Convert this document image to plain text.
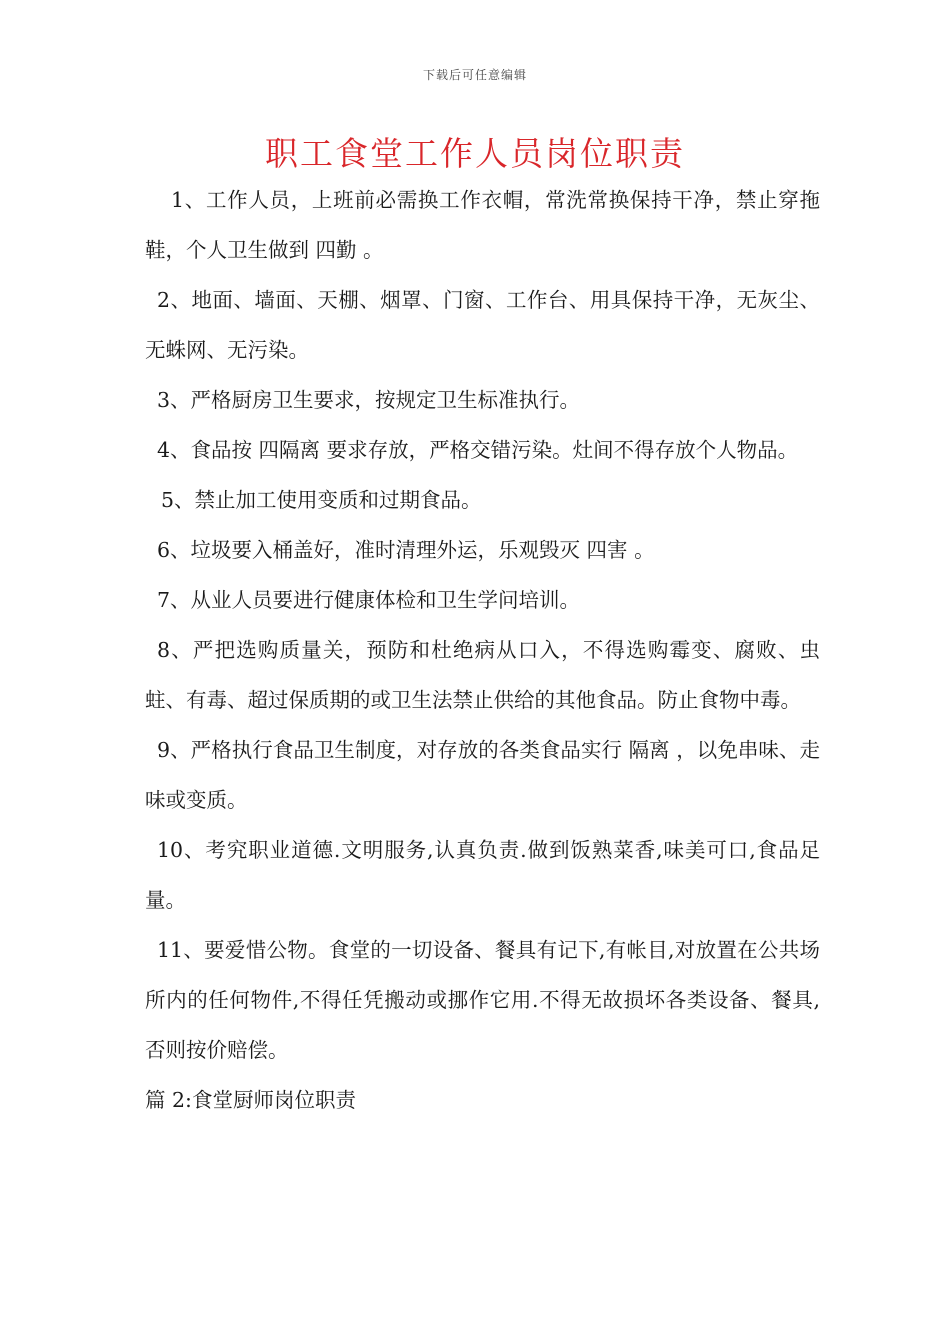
下载后可任意编辑
职工食堂工作人员岗位职责

1、工作人员，上班前必需换工作衣帽，常洗常换保持干净，禁止穿拖鞋，个人卫生做到 四勤 。

2、地面、墙面、天棚、烟罩、门窗、工作台、用具保持干净，无灰尘、无蛛网、无污染。

3、严格厨房卫生要求，按规定卫生标准执行。

4、食品按 四隔离 要求存放，严格交错污染。灶间不得存放个人物品。

5、禁止加工使用变质和过期食品。

6、垃圾要入桶盖好，准时清理外运，乐观毁灭 四害 。

7、从业人员要进行健康体检和卫生学问培训。

8、严把选购质量关，预防和杜绝病从口入，不得选购霉变、腐败、虫蛀、有毒、超过保质期的或卫生法禁止供给的其他食品。防止食物中毒。

9、严格执行食品卫生制度，对存放的各类食品实行 隔离 ，以免串味、走味或变质。

10、考究职业道德.文明服务,认真负责.做到饭熟菜香,味美可口,食品足量。

11、要爱惜公物。食堂的一切设备、餐具有记下,有帐目,对放置在公共场所内的任何物件,不得任凭搬动或挪作它用.不得无故损坏各类设备、餐具,否则按价赔偿。

篇 2:食堂厨师岗位职责
